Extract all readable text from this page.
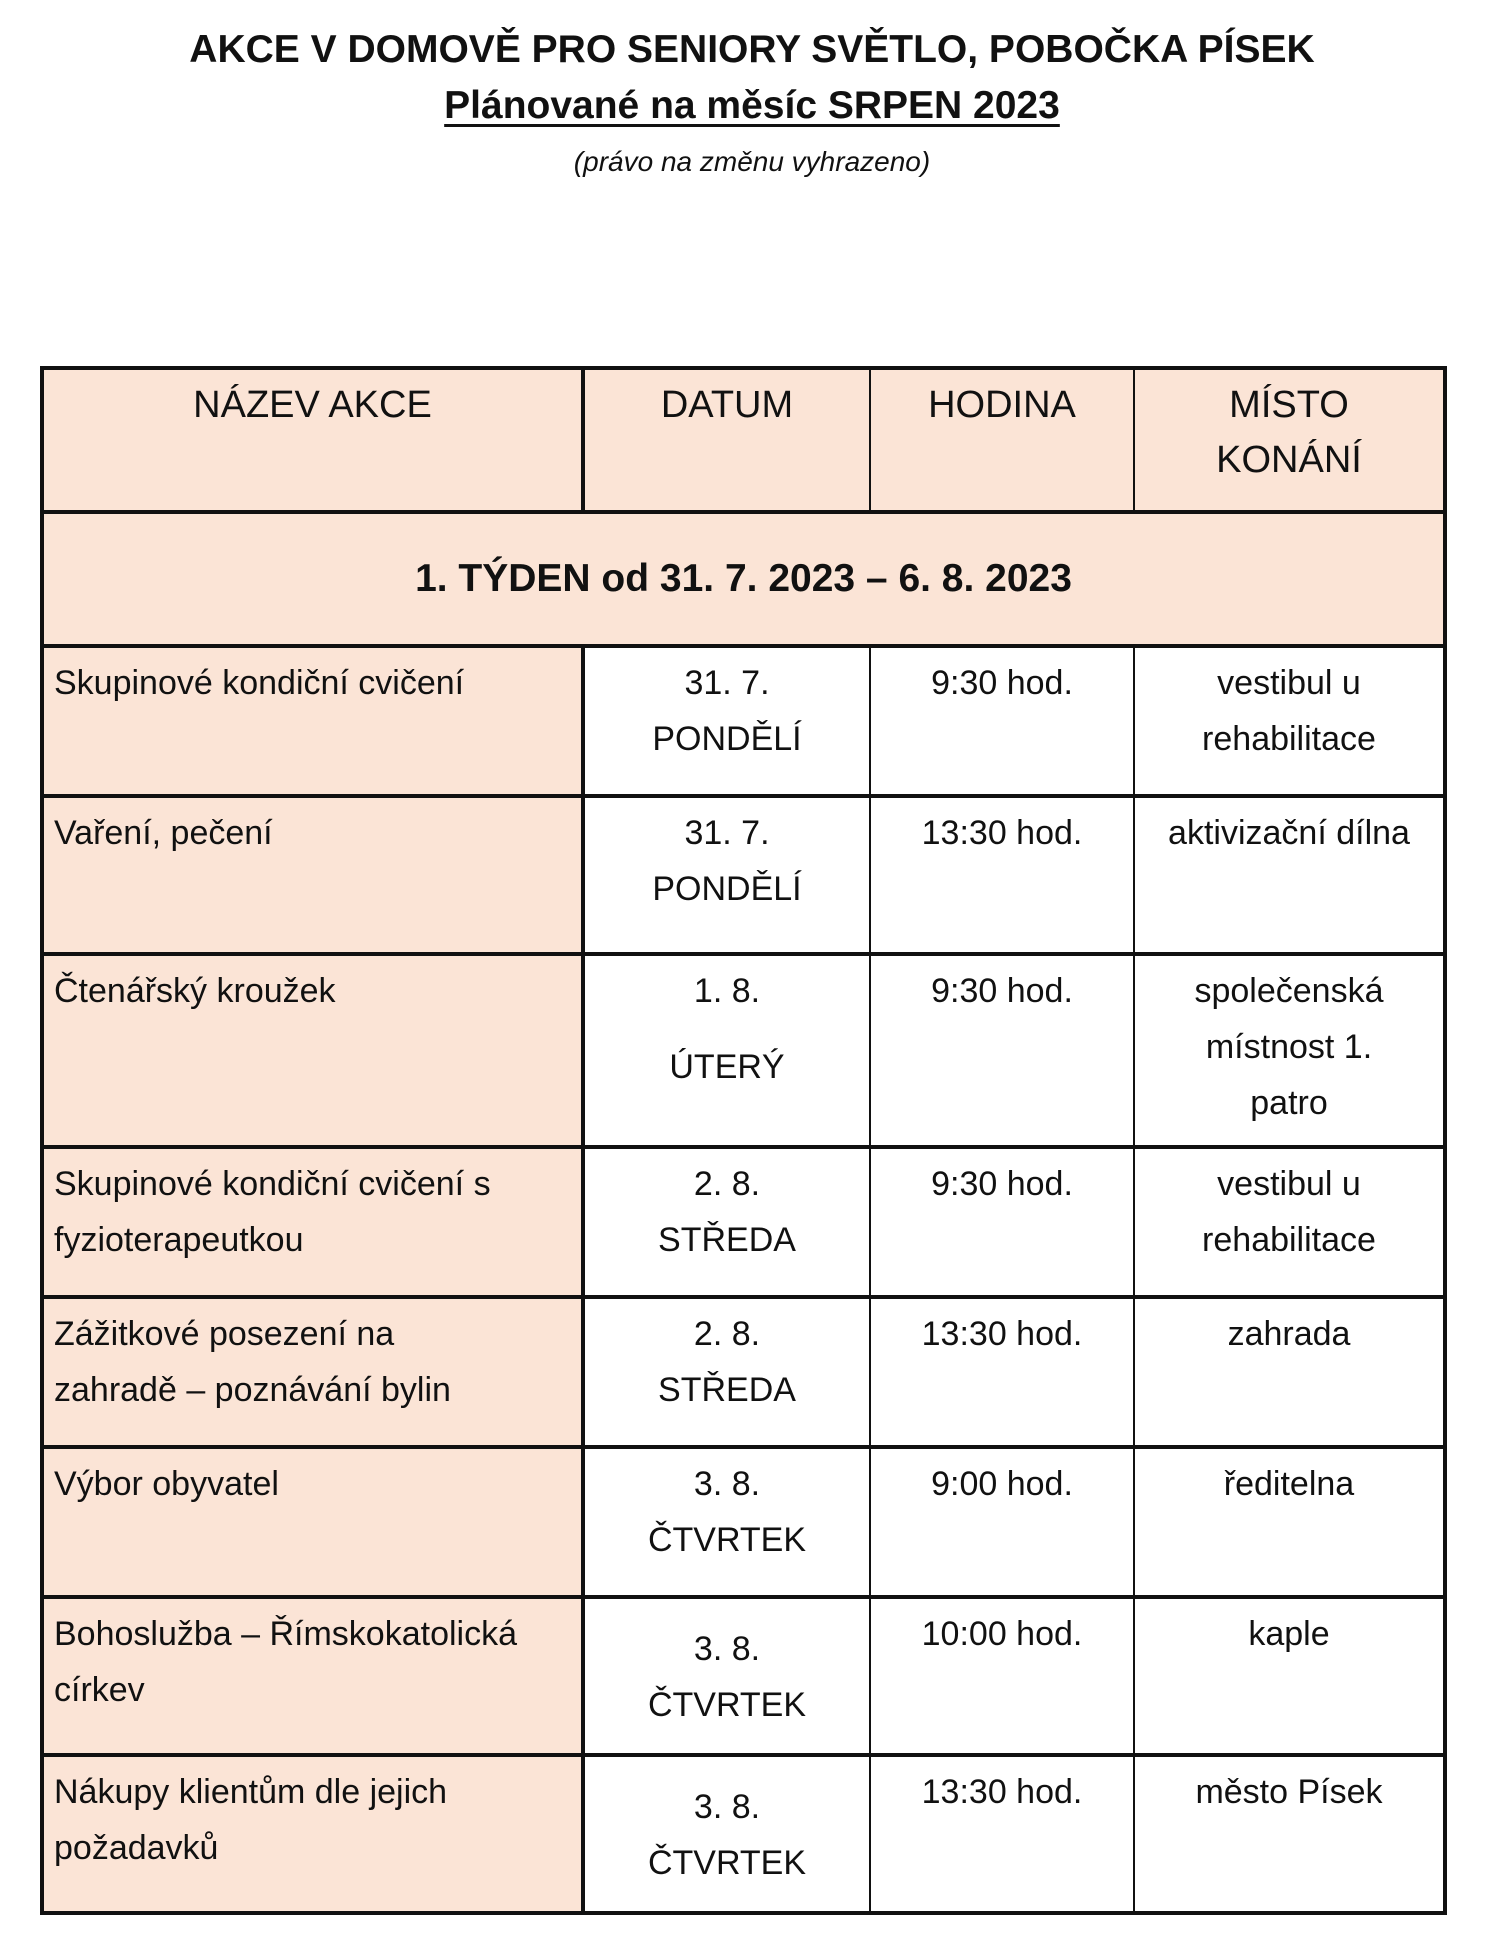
AKCE V DOMOVĚ PRO SENIORY SVĚTLO, POBOČKA PÍSEK

Plánované na měsíc SRPEN 2023

(právo na změnu vyhrazeno)

NÁZEV AKCE	DATUM	HODINA	MÍSTO
KONÁNÍ

1. TÝDEN od 31. 7. 2023 – 6. 8. 2023			

Skupinové kondiční cvičení	31. 7.
PONDĚLÍ	9:30 hod.	vestibul u
rehabilitace

Vaření, pečení	31. 7.
PONDĚLÍ	13:30 hod.	aktivizační dílna

Čtenářský kroužek	1. 8.
ÚTERÝ	9:30 hod.	společenská
místnost 1.
patro

Skupinové kondiční cvičení s
fyzioterapeutkou	2. 8.
STŘEDA	9:30 hod.	vestibul u
rehabilitace

Zážitkové posezení na
zahradě – poznávání bylin	2. 8.
STŘEDA	13:30 hod.	zahrada

Výbor obyvatel	3. 8.
ČTVRTEK	9:00 hod.	ředitelna

Bohoslužba – Římskokatolická
církev	3. 8.
ČTVRTEK	10:00 hod.	kaple

Nákupy klientům dle jejich
požadavků	3. 8.
ČTVRTEK	13:30 hod.	město Písek
